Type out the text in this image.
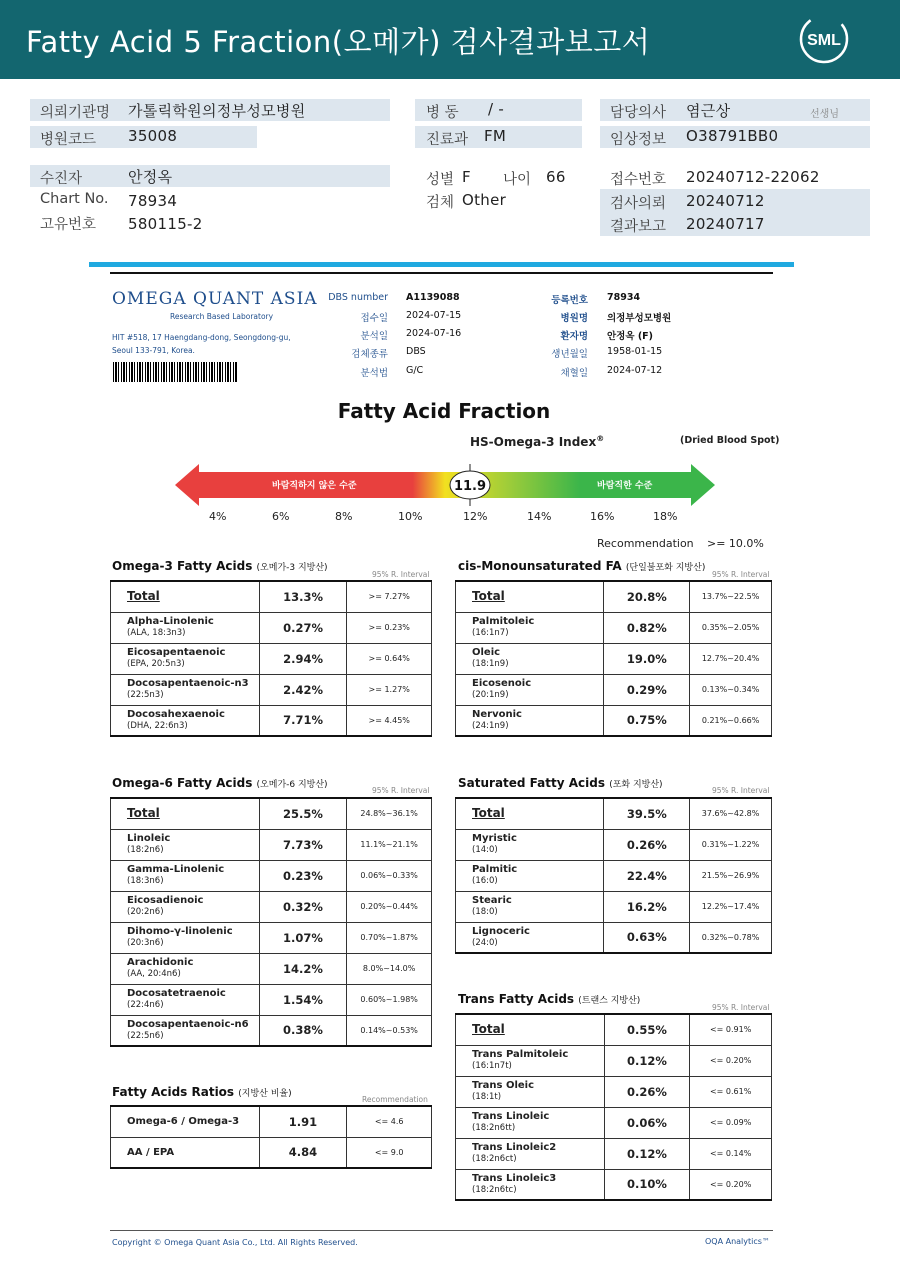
Fatty Acid 5 Fraction(오메가) 검사결과보고서	SML
의뢰기관명 가톨릭학원의정부성모병원
병원코드 35008
병 동 / -
진료과 FM
담당의사 염근상	선생님
임상정보 O38791BB0
수진자	안정옥
Chart No. 78934
고유번호 580115-2
성별 F 나이 66
검체 Other
접수번호 20240712-22062
검사의뢰 20240712
결과보고 20240717
OMEGA QUANT ASIA
Research Based Laboratory
HIT #518, 17 Haengdang-dong, Seongdong-gu,
Seoul 133-791, Korea.
DBS number A1139088
접수일 2024-07-15
분석일 2024-07-16
검체종류 DBS
분석법 G/C
등록번호 78934
병원명 의정부성모병원
환자명 안정옥 (F)
생년월일 1958-01-15
채혈일 2024-07-12
Fatty Acid Fraction
HS-Omega-3 Index®	(Dried Blood Spot)
바람직하지 않은 수준	바람직한 수준
11.9
4%	6%	8%	10%	12%	14%	16%	18%
Recommendation >= 10.0%
Omega-3 Fatty Acids (오메가-3 지방산)
95% R. Interval
cis-Monounsaturated FA (단일불포화 지방산)
95% R. Interval
Omega-6 Fatty Acids (오메가-6 지방산)
95% R. Interval
Saturated Fatty Acids (포화 지방산)
95% R. Interval
Trans Fatty Acids (트랜스 지방산)
95% R. Interval
Fatty Acids Ratios (지방산 비율)
Recommendation
Total	13.3%	>= 7.27%
Alpha-Linolenic
(ALA, 18:3n3)	0.27%	>= 0.23%
Eicosapentaenoic
(EPA, 20:5n3)	2.94%	>= 0.64%
Docosapentaenoic-n3
(22:5n3)	2.42%	>= 1.27%
Docosahexaenoic
(DHA, 22:6n3)	7.71%	>= 4.45%
Total	20.8%	13.7%~22.5%
Palmitoleic
(16:1n7)	0.82%	0.35%~2.05%
Oleic
(18:1n9)	19.0%	12.7%~20.4%
Eicosenoic
(20:1n9)	0.29%	0.13%~0.34%
Nervonic
(24:1n9)	0.75%	0.21%~0.66%
Total	25.5%	24.8%~36.1%
Linoleic
(18:2n6)	7.73%	11.1%~21.1%
Gamma-Linolenic
(18:3n6)	0.23%	0.06%~0.33%
Eicosadienoic
(20:2n6)	0.32%	0.20%~0.44%
Dihomo-γ-linolenic
(20:3n6)	1.07%	0.70%~1.87%
Arachidonic
(AA, 20:4n6)	14.2%	8.0%~14.0%
Docosatetraenoic
(22:4n6)	1.54%	0.60%~1.98%
Docosapentaenoic-n6
(22:5n6)	0.38%	0.14%~0.53%
Total	39.5%	37.6%~42.8%
Myristic
(14:0)	0.26%	0.31%~1.22%
Palmitic
(16:0)	22.4%	21.5%~26.9%
Stearic
(18:0)	16.2%	12.2%~17.4%
Lignoceric
(24:0)	0.63%	0.32%~0.78%
Total	0.55%	<= 0.91%
Trans Palmitoleic
(16:1n7t)	0.12%	<= 0.20%
Trans Oleic
(18:1t)	0.26%	<= 0.61%
Trans Linoleic
(18:2n6tt)	0.06%	<= 0.09%
Trans Linoleic2
(18:2n6ct)	0.12%	<= 0.14%
Trans Linoleic3
(18:2n6tc)	0.10%	<= 0.20%
Omega-6 / Omega-3	1.91	<= 4.6
AA / EPA	4.84	<= 9.0
Copyright © Omega Quant Asia Co., Ltd. All Rights Reserved.	OQA Analytics™
